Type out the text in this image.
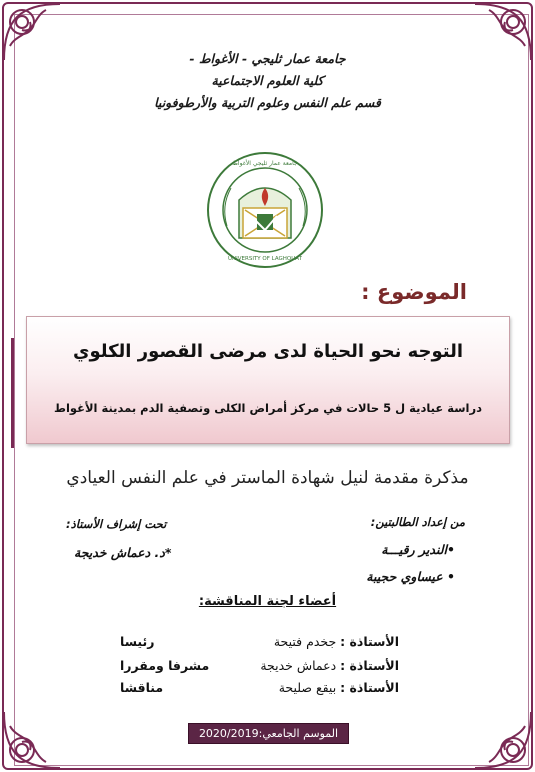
جامعة عمار ثليجي - الأغواط -
كلية العلوم الاجتماعية
قسم علم النفس وعلوم التربية والأرطوفونيا
جامعة عمار ثليجي الأغواط
UNIVERSITY OF LAGHOUAT
الموضوع :
التوجه نحو الحياة لدى مرضى القصور الكلوي
دراسة عيادية ل 5 حالات في مركز أمراض الكلى وتصفية الدم بمدينة الأغواط
مذكرة مقدمة لنيل شهادة الماستر في علم النفس العيادي
من إعداد الطالبتين:
تحت إشراف الأستاذ:
•الندير رقيـــة
• عيساوي حجيبة
*د. دعماش خديجة
أعضاء لجنة المناقشة:
الأستاذة : جخدم فتيحة
رئيسا
الأستاذة : دعماش خديجة
مشرفا ومقررا
الأستاذة : بيقع صليحة
مناقشا
الموسم الجامعي:2020/2019
